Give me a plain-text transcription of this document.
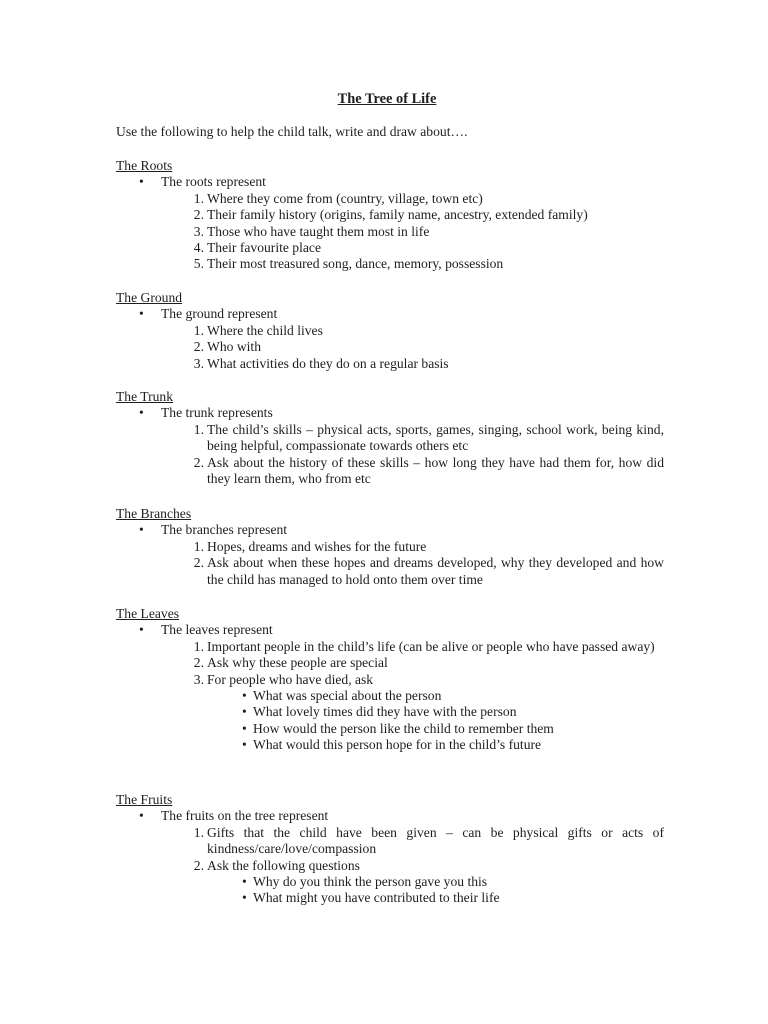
The Tree of Life
Use the following to help the child talk, write and draw about….
The Roots
• The roots represent
1. Where they come from (country, village, town etc)
2. Their family history (origins, family name, ancestry, extended family)
3. Those who have taught them most in life
4. Their favourite place
5. Their most treasured song, dance, memory, possession
The Ground
• The ground represent
1. Where the child lives
2. Who with
3. What activities do they do on a regular basis
The Trunk
• The trunk represents
1. The child’s skills – physical acts, sports, games, singing, school work, being kind, being helpful, compassionate towards others etc
2. Ask about the history of these skills – how long they have had them for, how did they learn them, who from etc
The Branches
• The branches represent
1. Hopes, dreams and wishes for the future
2. Ask about when these hopes and dreams developed, why they developed and how the child has managed to hold onto them over time
The Leaves
• The leaves represent
1. Important people in the child’s life (can be alive or people who have passed away)
2. Ask why these people are special
3. For people who have died, ask
• What was special about the person
• What lovely times did they have with the person
• How would the person like the child to remember them
• What would this person hope for in the child’s future
The Fruits
• The fruits on the tree represent
1. Gifts that the child have been given – can be physical gifts or acts of kindness/care/love/compassion
2. Ask the following questions
• Why do you think the person gave you this
• What might you have contributed to their life
